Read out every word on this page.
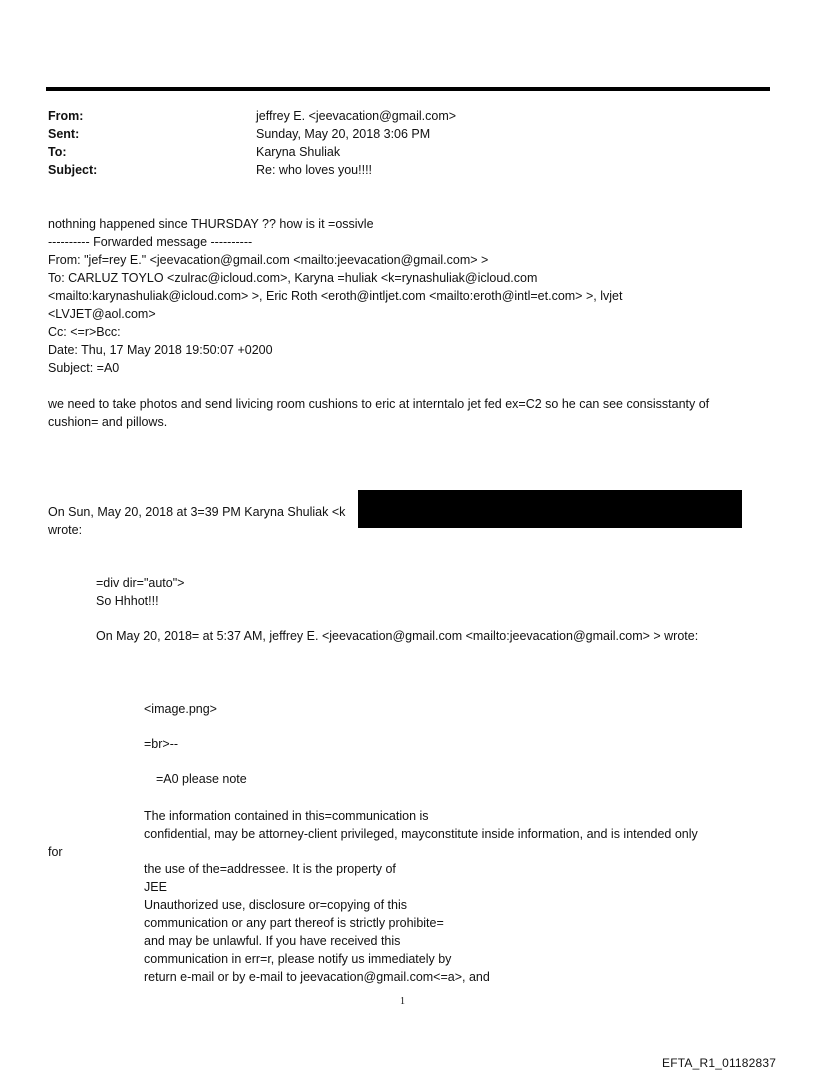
From:	jeffrey E. <jeevacation@gmail.com>
Sent:	Sunday, May 20, 2018 3:06 PM
To:	Karyna Shuliak
Subject:	Re: who loves you!!!!
nothning happened since THURSDAY ?? how is it =ossivle
---------- Forwarded message ----------
From: "jef=rey E." <jeevacation@gmail.com <mailto:jeevacation@gmail.com> >
To: CARLUZ TOYLO <zulrac@icloud.com>, Karyna =huliak <k=rynashuliak@icloud.com
<mailto:karynashuliak@icloud.com> >, Eric Roth <eroth@intljet.com <mailto:eroth@intl=et.com> >, lvjet
<LVJET@aol.com>
Cc: <=r>Bcc:
Date: Thu, 17 May 2018 19:50:07 +0200
Subject: =A0
we need to take photos and send livicing room cushions to eric at interntalo jet fed ex=C2 so he can see consisstanty of
cushion= and pillows.
On Sun, May 20, 2018 at 3=39 PM Karyna Shuliak <k
wrote:
=div dir="auto">
So Hhhot!!!
On May 20, 2018= at 5:37 AM, jeffrey E. <jeevacation@gmail.com <mailto:jeevacation@gmail.com> > wrote:
<image.png>
=br>--
=A0 please note
The information contained in this=communication is
confidential, may be attorney-client privileged, mayconstitute inside information, and is intended only
for
the use of the=addressee. It is the property of
JEE
Unauthorized use, disclosure or=copying of this
communication or any part thereof is strictly prohibite=
and may be unlawful. If you have received this
communication in err=r, please notify us immediately by
return e-mail or by e-mail to jeevacation@gmail.com<=a>, and
1
EFTA_R1_01182837
